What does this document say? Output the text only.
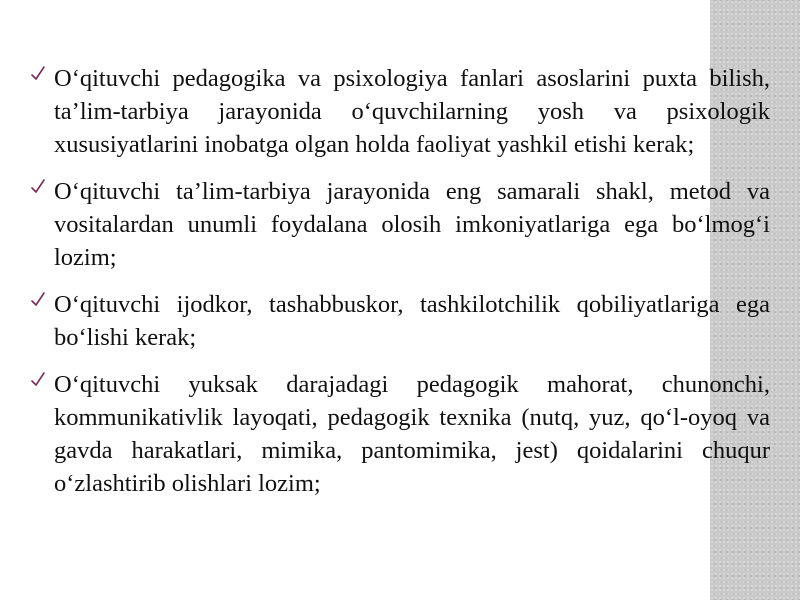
O‘qituvchi pedagogika va psixologiya fanlari asoslarini puxta bilish, ta’lim-tarbiya jarayonida o‘quvchilarning yosh va psixologik xususiyatlarini inobatga olgan holda faoliyat yashkil etishi kerak;
O‘qituvchi ta’lim-tarbiya jarayonida eng samarali shakl, metod va vositalardan unumli foydalana olosih imkoniyatlariga ega bo‘lmog‘i lozim;
O‘qituvchi ijodkor, tashabbuskor, tashkilotchilik qobiliyatlariga ega bo‘lishi kerak;
O‘qituvchi yuksak darajadagi pedagogik mahorat, chunonchi, kommunikativlik layoqati, pedagogik texnika (nutq, yuz, qo‘l-oyoq va gavda harakatlari, mimika, pantomimika, jest) qoidalarini chuqur o‘zlashtirib olishlari lozim;
